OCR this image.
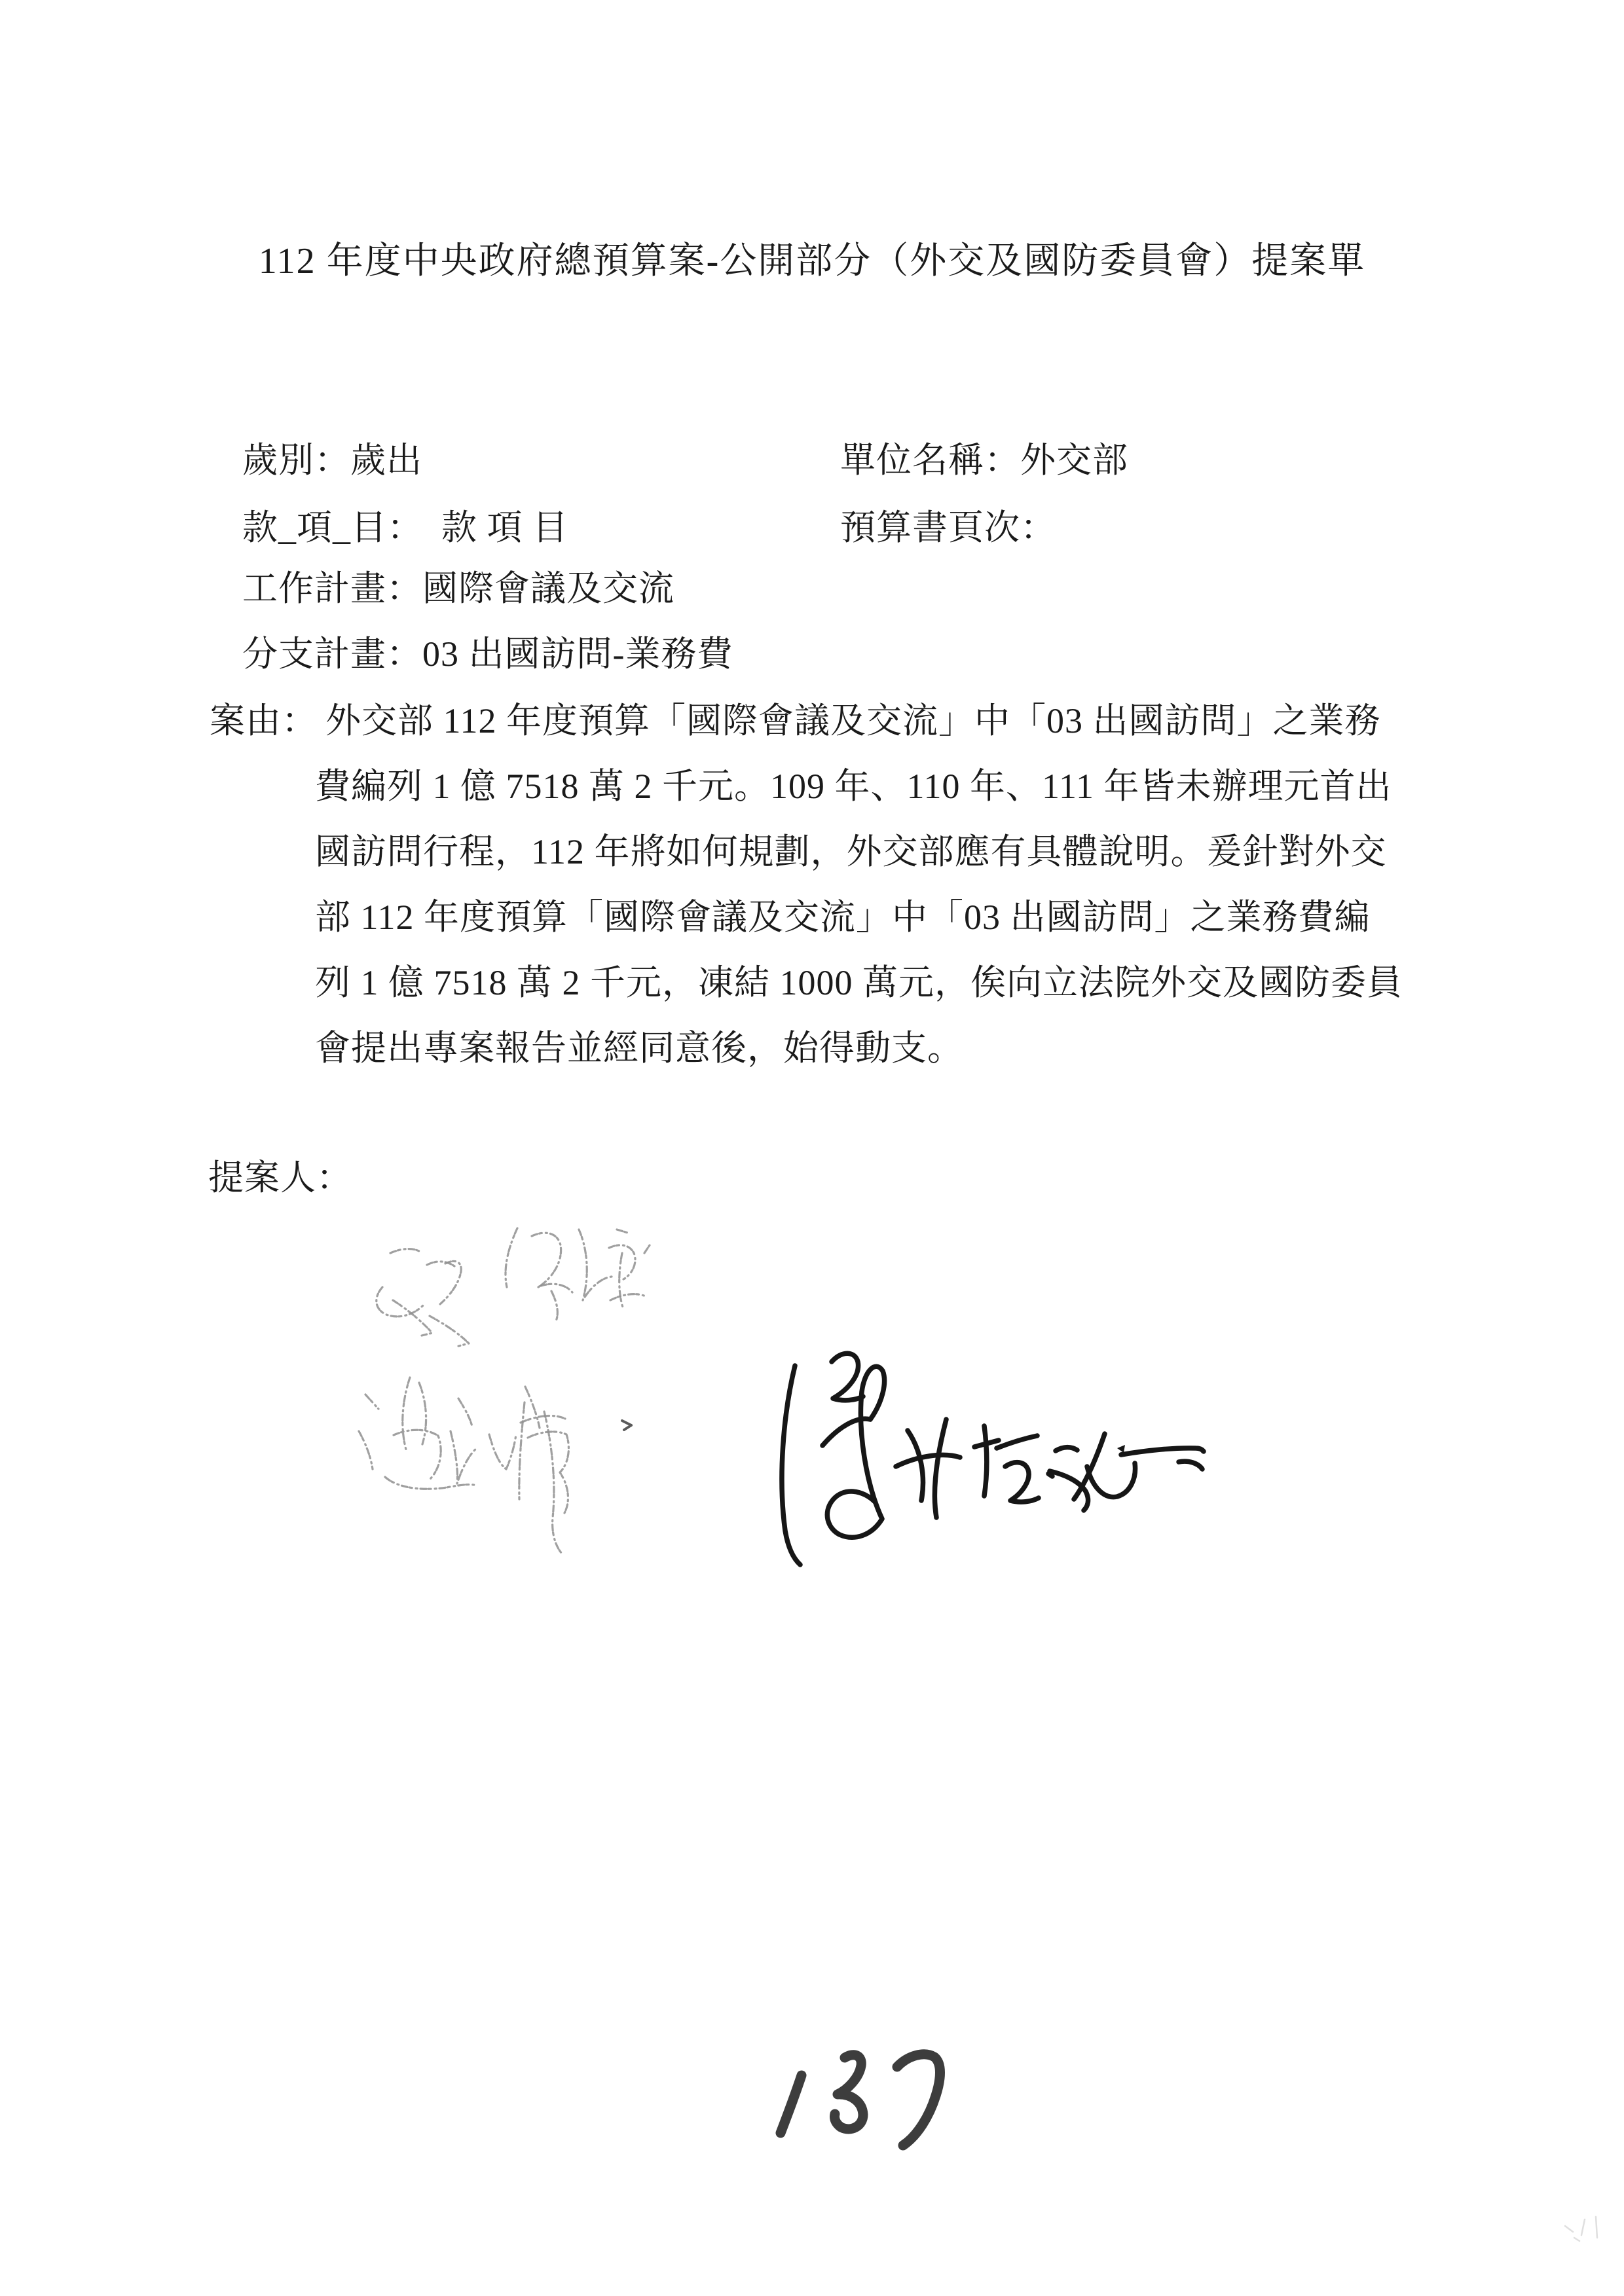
112 年度中央政府總預算案-公開部分（外交及國防委員會）提案單

歲別：歲出
	單位名稱：外交部

款_項_目： 款 項 目
	預算書頁次：

工作計畫：國際會議及交流

分支計畫：03 出國訪問-業務費

案由： 外交部 112 年度預算「國際會議及交流」中「03 出國訪問」之業務
費編列 1 億 7518 萬 2 千元。109 年、110 年、111 年皆未辦理元首出
國訪問行程，112 年將如何規劃，外交部應有具體說明。爰針對外交
部 112 年度預算「國際會議及交流」中「03 出國訪問」之業務費編
列 1 億 7518 萬 2 千元，凍結 1000 萬元，俟向立法院外交及國防委員
會提出專案報告並經同意後，始得動支。
提案人：
